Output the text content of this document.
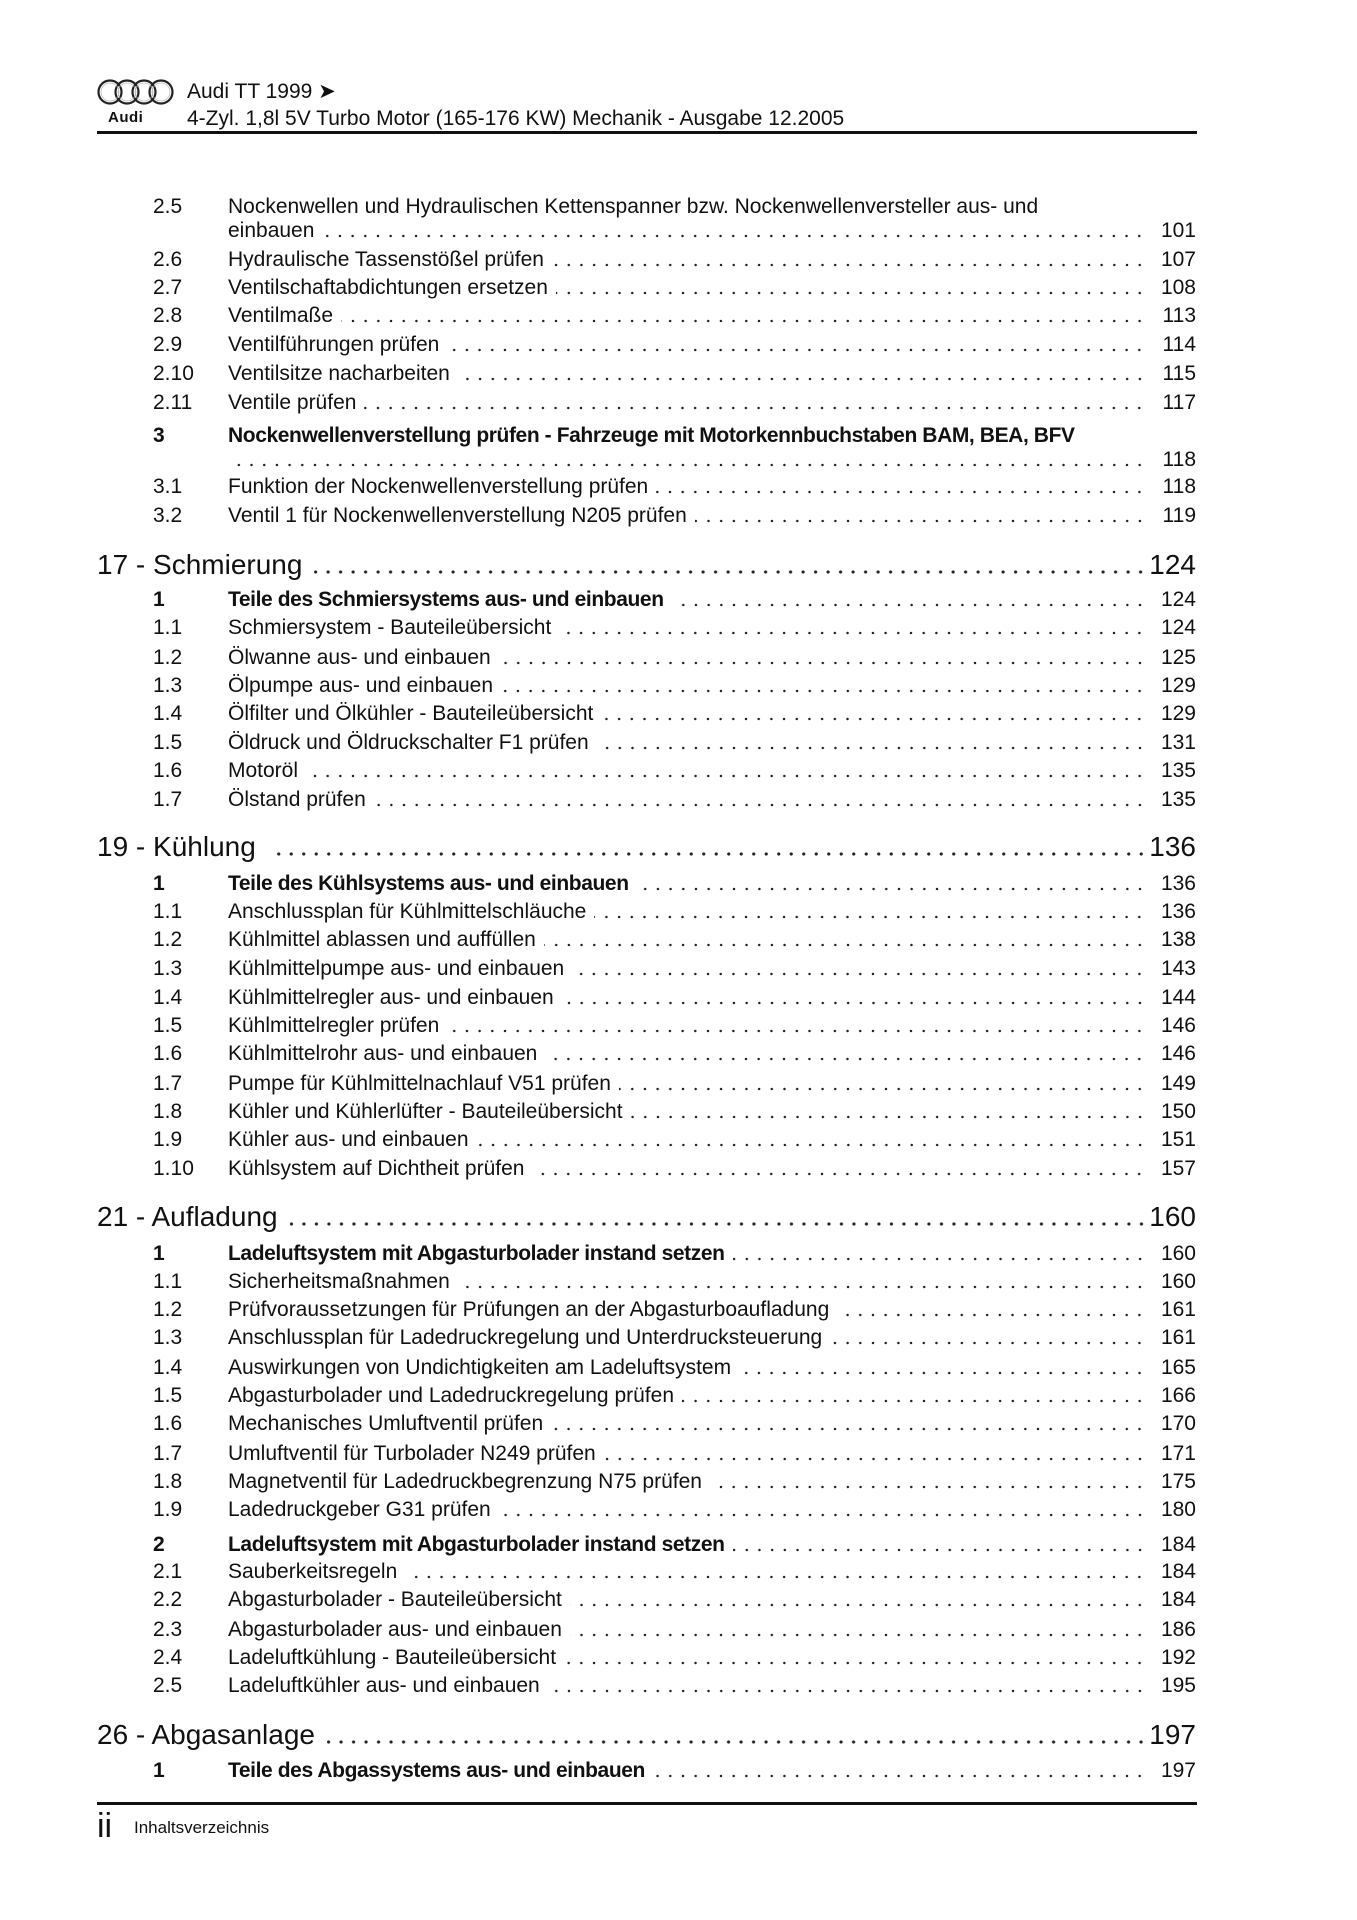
Audi
Audi TT 1999 ➤
4-Zyl. 1,8l 5V Turbo Motor (165-176 KW) Mechanik - Ausgabe 12.2005
2.5	Nockenwellen und Hydraulischen Kettenspanner bzw. Nockenwellenversteller aus- und
einbauen	101
2.6	Hydraulische Tassenstößel prüfen	107
2.7	Ventilschaftabdichtungen ersetzen	108
2.8	Ventilmaße	113
2.9	Ventilführungen prüfen	114
2.10	Ventilsitze nacharbeiten	115
2.11	Ventile prüfen	117
3	Nockenwellenverstellung prüfen - Fahrzeuge mit Motorkennbuchstaben BAM, BEA, BFV
118
3.1	Funktion der Nockenwellenverstellung prüfen	118
3.2	Ventil 1 für Nockenwellenverstellung N205 prüfen	119
17 - Schmierung	124
1	Teile des Schmiersystems aus- und einbauen	124
1.1	Schmiersystem - Bauteileübersicht	124
1.2	Ölwanne aus- und einbauen	125
1.3	Ölpumpe aus- und einbauen	129
1.4	Ölfilter und Ölkühler - Bauteileübersicht	129
1.5	Öldruck und Öldruckschalter F1 prüfen	131
1.6	Motoröl	135
1.7	Ölstand prüfen	135
19 - Kühlung	136
1	Teile des Kühlsystems aus- und einbauen	136
1.1	Anschlussplan für Kühlmittelschläuche	136
1.2	Kühlmittel ablassen und auffüllen	138
1.3	Kühlmittelpumpe aus- und einbauen	143
1.4	Kühlmittelregler aus- und einbauen	144
1.5	Kühlmittelregler prüfen	146
1.6	Kühlmittelrohr aus- und einbauen	146
1.7	Pumpe für Kühlmittelnachlauf V51 prüfen	149
1.8	Kühler und Kühlerlüfter - Bauteileübersicht	150
1.9	Kühler aus- und einbauen	151
1.10	Kühlsystem auf Dichtheit prüfen	157
21 - Aufladung	160
1	Ladeluftsystem mit Abgasturbolader instand setzen	160
1.1	Sicherheitsmaßnahmen	160
1.2	Prüfvoraussetzungen für Prüfungen an der Abgasturboaufladung	161
1.3	Anschlussplan für Ladedruckregelung und Unterdrucksteuerung	161
1.4	Auswirkungen von Undichtigkeiten am Ladeluftsystem	165
1.5	Abgasturbolader und Ladedruckregelung prüfen	166
1.6	Mechanisches Umluftventil prüfen	170
1.7	Umluftventil für Turbolader N249 prüfen	171
1.8	Magnetventil für Ladedruckbegrenzung N75 prüfen	175
1.9	Ladedruckgeber G31 prüfen	180
2	Ladeluftsystem mit Abgasturbolader instand setzen	184
2.1	Sauberkeitsregeln	184
2.2	Abgasturbolader - Bauteileübersicht	184
2.3	Abgasturbolader aus- und einbauen	186
2.4	Ladeluftkühlung - Bauteileübersicht	192
2.5	Ladeluftkühler aus- und einbauen	195
26 - Abgasanlage	197
1	Teile des Abgassystems aus- und einbauen	197
ii Inhaltsverzeichnis
